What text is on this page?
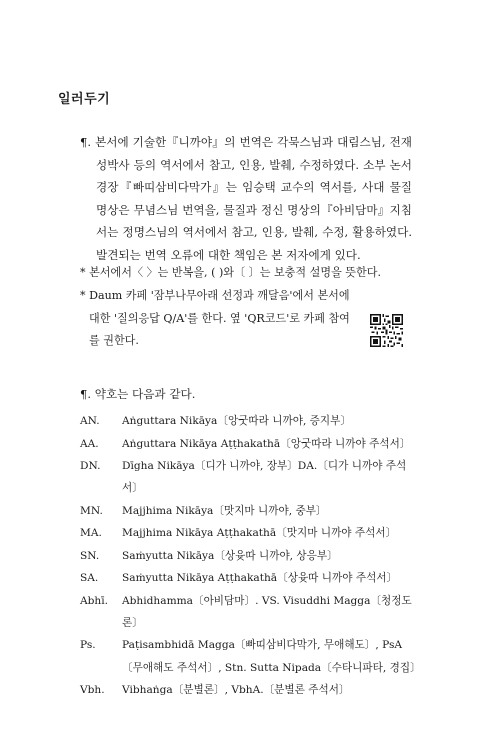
일러두기

¶. 본서에 기술한『니까야』의 번역은 각묵스님과 대림스님, 전재성박사 등의 역서에서 참고, 인용, 발췌, 수정하였다. 소부 논서 경장『빠띠삼비다막가』는 임승택 교수의 역서를, 사대 물질 명상은 무념스님 번역을, 물질과 정신 명상의『아비담마』지침서는 정명스님의 역서에서 참고, 인용, 발췌, 수정, 활용하였다. 발견되는 번역 오류에 대한 책임은 본 저자에게 있다.

* 본서에서〈 〉는 반복을, ( )와〔 〕는 보충적 설명을 뜻한다.

* Daum 카페 '잠부나무아래 선정과 깨달음'에서 본서에 대한 '질의응답 Q/A'를 한다. 옆 'QR코드'로 카페 참여를 권한다.

¶. 약호는 다음과 같다.
AN.	Aṅguttara Nikāya〔앙굿따라 니까야, 증지부〕
AA.	Aṅguttara Nikāya Aṭṭhakathā〔앙굿따라 니까야 주석서〕
DN.	Dīgha Nikāya〔디가 니까야, 장부〕DA.〔디가 니까야 주석서〕
MN.	Majjhima Nikāya〔맛지마 니까야, 중부〕
MA.	Majjhima Nikāya Aṭṭhakathā〔맛지마 니까야 주석서〕
SN.	Saṁyutta Nikāya〔상윳따 니까야, 상응부〕
SA.	Saṁyutta Nikāya Aṭṭhakathā〔상윳따 니까야 주석서〕
Abhī.	Abhidhamma〔아비담마〕. VS. Visuddhi Magga〔청정도론〕
Ps.	Paṭisambhidā Magga〔빠띠삼비다막가, 무애해도〕, PsA〔무애해도 주석서〕, Stn. Sutta Nipada〔수타니파타, 경집〕
Vbh.	Vibhaṅga〔분별론〕, VbhA.〔분별론 주석서〕
